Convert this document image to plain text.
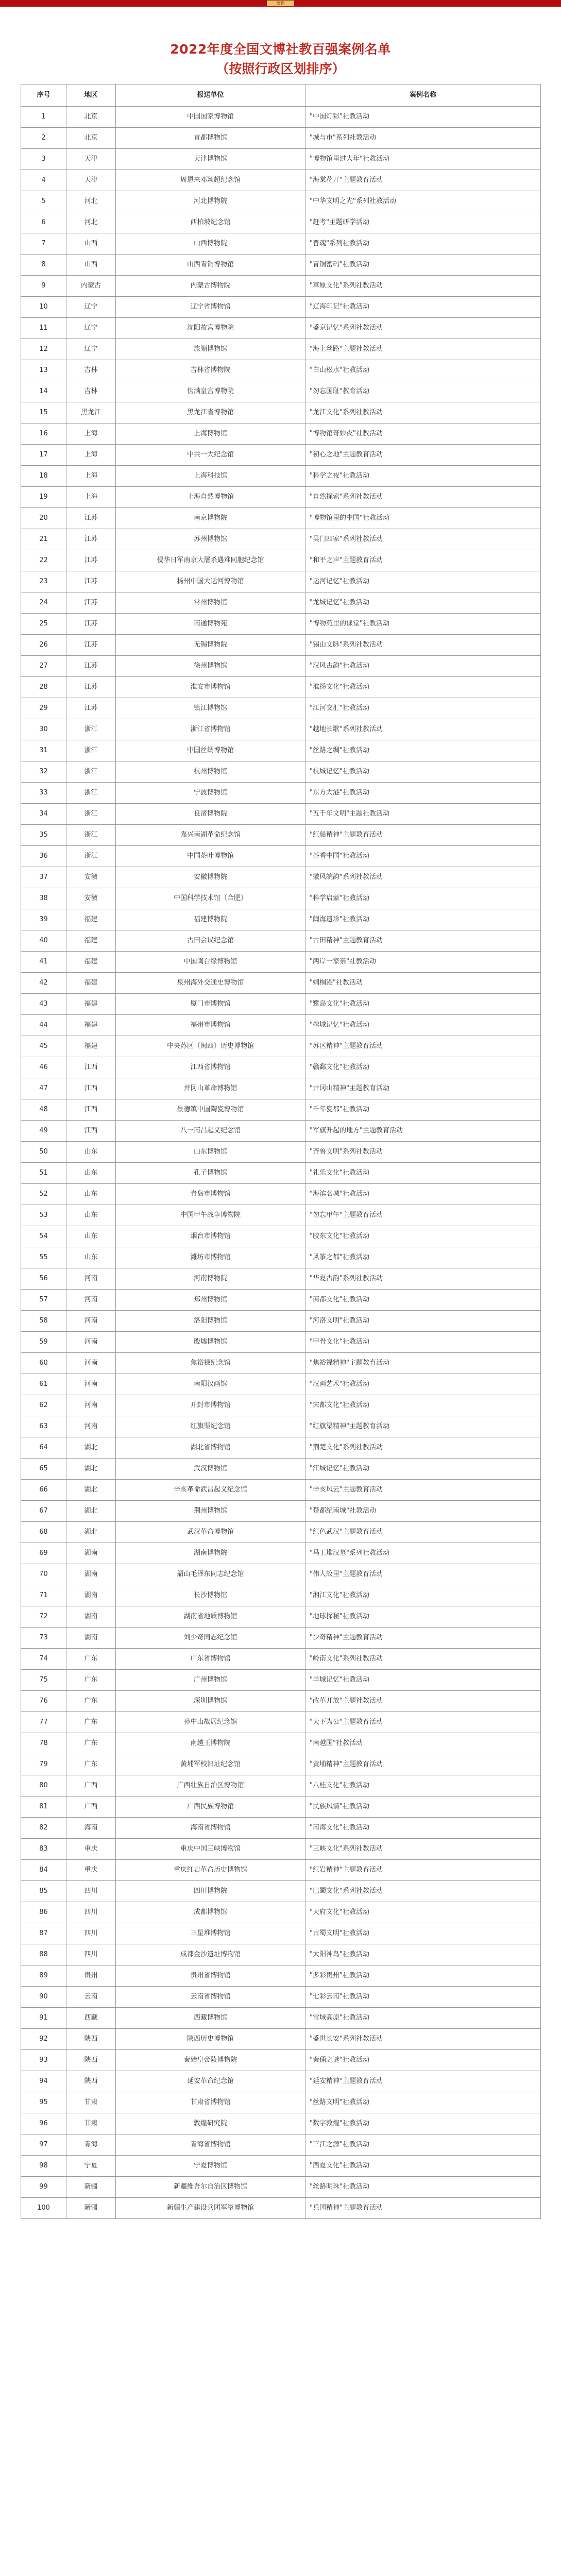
博物
2022年度全国文博社教百强案例名单
（按照行政区划排序）
序号	地区	报送单位	案例名称
1	北京	中国国家博物馆	"中国灯彩"社教活动
2	北京	首都博物馆	"城与市"系列社教活动
3	天津	天津博物馆	"博物馆里过大年"社教活动
4	天津	周恩来邓颖超纪念馆	"海棠花开"主题教育活动
5	河北	河北博物院	"中华文明之光"系列社教活动
6	河北	西柏坡纪念馆	"赶考"主题研学活动
7	山西	山西博物院	"晋魂"系列社教活动
8	山西	山西青铜博物馆	"青铜密码"社教活动
9	内蒙古	内蒙古博物院	"草原文化"系列社教活动
10	辽宁	辽宁省博物馆	"辽海印记"社教活动
11	辽宁	沈阳故宫博物院	"盛京记忆"系列社教活动
12	辽宁	旅顺博物馆	"海上丝路"主题社教活动
13	吉林	吉林省博物院	"白山松水"社教活动
14	吉林	伪满皇宫博物院	"勿忘国耻"教育活动
15	黑龙江	黑龙江省博物馆	"龙江文化"系列社教活动
16	上海	上海博物馆	"博物馆奇妙夜"社教活动
17	上海	中共一大纪念馆	"初心之地"主题教育活动
18	上海	上海科技馆	"科学之夜"社教活动
19	上海	上海自然博物馆	"自然探索"系列社教活动
20	江苏	南京博物院	"博物馆里的中国"社教活动
21	江苏	苏州博物馆	"吴门四家"系列社教活动
22	江苏	侵华日军南京大屠杀遇难同胞纪念馆	"和平之声"主题教育活动
23	江苏	扬州中国大运河博物馆	"运河记忆"社教活动
24	江苏	常州博物馆	"龙城记忆"社教活动
25	江苏	南通博物苑	"博物苑里的课堂"社教活动
26	江苏	无锡博物院	"锡山文脉"系列社教活动
27	江苏	徐州博物馆	"汉风古韵"社教活动
28	江苏	淮安市博物馆	"淮扬文化"社教活动
29	江苏	镇江博物馆	"江河交汇"社教活动
30	浙江	浙江省博物馆	"越地长歌"系列社教活动
31	浙江	中国丝绸博物馆	"丝路之绸"社教活动
32	浙江	杭州博物馆	"杭城记忆"社教活动
33	浙江	宁波博物馆	"东方大港"社教活动
34	浙江	良渚博物院	"五千年文明"主题社教活动
35	浙江	嘉兴南湖革命纪念馆	"红船精神"主题教育活动
36	浙江	中国茶叶博物馆	"茶香中国"社教活动
37	安徽	安徽博物院	"徽风皖韵"系列社教活动
38	安徽	中国科学技术馆（合肥）	"科学启蒙"社教活动
39	福建	福建博物院	"闽海遗珍"社教活动
40	福建	古田会议纪念馆	"古田精神"主题教育活动
41	福建	中国闽台缘博物馆	"两岸一家亲"社教活动
42	福建	泉州海外交通史博物馆	"刺桐港"社教活动
43	福建	厦门市博物馆	"鹭岛文化"社教活动
44	福建	福州市博物馆	"榕城记忆"社教活动
45	福建	中央苏区（闽西）历史博物馆	"苏区精神"主题教育活动
46	江西	江西省博物馆	"赣鄱文化"社教活动
47	江西	井冈山革命博物馆	"井冈山精神"主题教育活动
48	江西	景德镇中国陶瓷博物馆	"千年瓷都"社教活动
49	江西	八一南昌起义纪念馆	"军旗升起的地方"主题教育活动
50	山东	山东博物馆	"齐鲁文明"系列社教活动
51	山东	孔子博物馆	"礼乐文化"社教活动
52	山东	青岛市博物馆	"海滨名城"社教活动
53	山东	中国甲午战争博物院	"勿忘甲午"主题教育活动
54	山东	烟台市博物馆	"胶东文化"社教活动
55	山东	潍坊市博物馆	"风筝之都"社教活动
56	河南	河南博物院	"华夏古韵"系列社教活动
57	河南	郑州博物馆	"商都文化"社教活动
58	河南	洛阳博物馆	"河洛文明"社教活动
59	河南	殷墟博物馆	"甲骨文化"社教活动
60	河南	焦裕禄纪念馆	"焦裕禄精神"主题教育活动
61	河南	南阳汉画馆	"汉画艺术"社教活动
62	河南	开封市博物馆	"宋都文化"社教活动
63	河南	红旗渠纪念馆	"红旗渠精神"主题教育活动
64	湖北	湖北省博物馆	"荆楚文化"系列社教活动
65	湖北	武汉博物馆	"江城记忆"社教活动
66	湖北	辛亥革命武昌起义纪念馆	"辛亥风云"主题教育活动
67	湖北	荆州博物馆	"楚都纪南城"社教活动
68	湖北	武汉革命博物馆	"红色武汉"主题教育活动
69	湖南	湖南博物院	"马王堆汉墓"系列社教活动
70	湖南	韶山毛泽东同志纪念馆	"伟人故里"主题教育活动
71	湖南	长沙博物馆	"湘江文化"社教活动
72	湖南	湖南省地质博物馆	"地球探秘"社教活动
73	湖南	刘少奇同志纪念馆	"少奇精神"主题教育活动
74	广东	广东省博物馆	"岭南文化"系列社教活动
75	广东	广州博物馆	"羊城记忆"社教活动
76	广东	深圳博物馆	"改革开放"主题社教活动
77	广东	孙中山故居纪念馆	"天下为公"主题教育活动
78	广东	南越王博物院	"南越国"社教活动
79	广东	黄埔军校旧址纪念馆	"黄埔精神"主题教育活动
80	广西	广西壮族自治区博物馆	"八桂文化"社教活动
81	广西	广西民族博物馆	"民族风情"社教活动
82	海南	海南省博物馆	"南海文化"社教活动
83	重庆	重庆中国三峡博物馆	"三峡文化"系列社教活动
84	重庆	重庆红岩革命历史博物馆	"红岩精神"主题教育活动
85	四川	四川博物院	"巴蜀文化"系列社教活动
86	四川	成都博物馆	"天府文化"社教活动
87	四川	三星堆博物馆	"古蜀文明"社教活动
88	四川	成都金沙遗址博物馆	"太阳神鸟"社教活动
89	贵州	贵州省博物馆	"多彩贵州"社教活动
90	云南	云南省博物馆	"七彩云南"社教活动
91	西藏	西藏博物馆	"雪域高原"社教活动
92	陕西	陕西历史博物馆	"盛世长安"系列社教活动
93	陕西	秦始皇帝陵博物院	"秦俑之谜"社教活动
94	陕西	延安革命纪念馆	"延安精神"主题教育活动
95	甘肃	甘肃省博物馆	"丝路文明"社教活动
96	甘肃	敦煌研究院	"数字敦煌"社教活动
97	青海	青海省博物馆	"三江之源"社教活动
98	宁夏	宁夏博物馆	"西夏文化"社教活动
99	新疆	新疆维吾尔自治区博物馆	"丝路明珠"社教活动
100	新疆	新疆生产建设兵团军垦博物馆	"兵团精神"主题教育活动
